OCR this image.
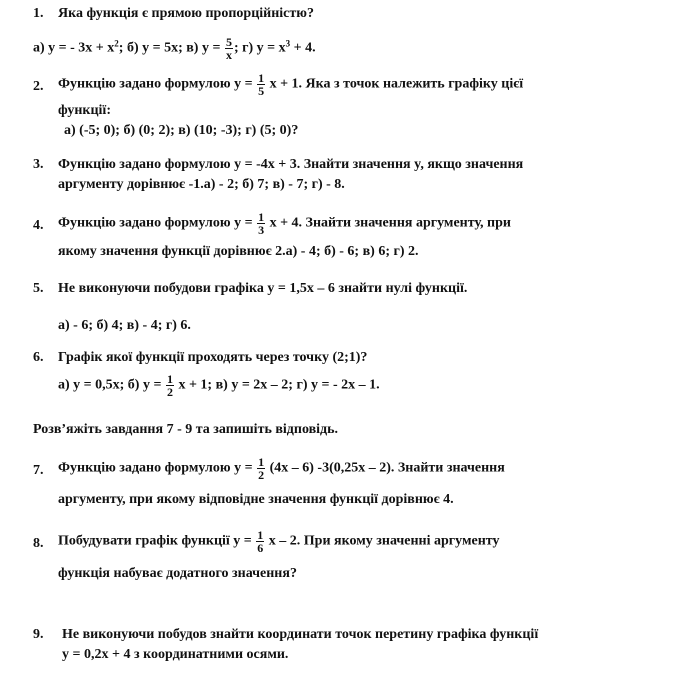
1. Яка функція є прямою пропорційністю?
а) y = - $3x + x^2$; б) y = 5x; в) $y = \frac{5}{x}$ ; г) $y = x^3 + 4$.
2. Функцію задано формулою $y = \frac{1}{5}$ x + 1. Яка з точок належить графіку цієї
функції:
а) (-5; 0); б) (0; 2); в) (10; -3); г) (5; 0)?
3. Функцію задано формулою y = -4x + 3. Знайти значення y, якщо значення
аргументу дорівнює -1.а) - 2; б) 7; в) - 7; г) - 8.
4. Функцію задано формулою $y = \frac{1}{3}$ x + 4. Знайти значення аргументу, при
якому значення функції дорівнює 2.а) - 4; б) - 6; в) 6; г) 2.
5. Не виконуючи побудови графіка y = 1,5x – 6 знайти нулі функції.
а) - 6; б) 4; в) - 4; г) 6.
6. Графік якої функції проходять через точку (2;1)?
а) y = 0,5x; б) $y = \frac{1}{2}$ x + 1; в) y = 2x – 2; г) y = - 2x – 1.
Розв’яжіть завдання 7 - 9 та запишіть відповідь.
7. Функцію задано формулою $y = \frac{1}{2} (4x - 6)$ -3(0,25x – 2). Знайти значення
аргументу, при якому відповідне значення функції дорівнює 4.
8. Побудувати графік функції $y = \frac{1}{6}$ x – 2. При якому значенні аргументу
функція набуває додатного значення?
9. Не виконуючи побудов знайти координати точок перетину графіка функції
y = 0,2x + 4 з координатними осями.
